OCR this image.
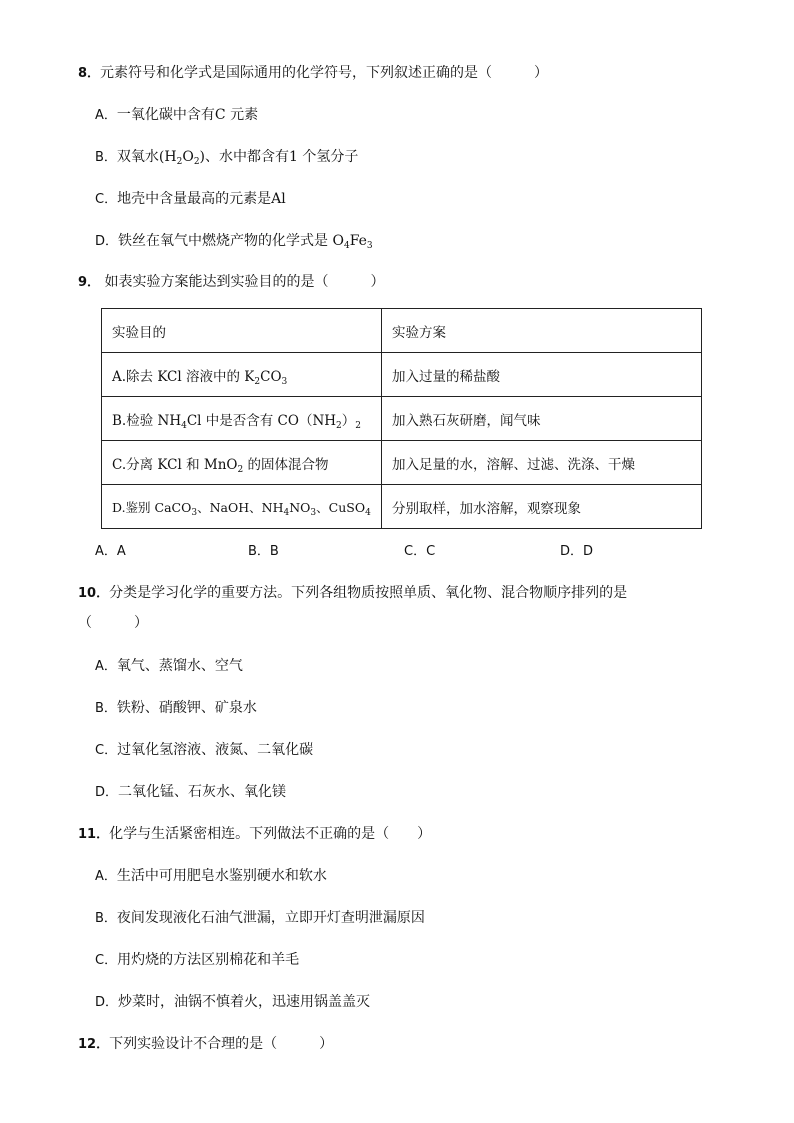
8．元素符号和化学式是国际通用的化学符号，下列叙述正确的是（　　　）
A．一氧化碳中含有C 元素
B．双氧水$(H_2O_2)$、水中都含有1 个氢分子
C．地壳中含量最高的元素是Al
D．铁丝在氧气中燃烧产物的化学式是 $O_4Fe_3$
9． 如表实验方案能达到实验目的的是（　　　）
实验目的	实验方案
A.除去 KCl 溶液中的 $K_2CO_3$	加入过量的稀盐酸
B.检验 $NH_4Cl$ 中是否含有 $CO(NH_2)_2$	加入熟石灰研磨，闻气味
C.分离 KCl 和 MnO$_2$ 的固体混合物	加入足量的水，溶解、过滤、洗涤、干燥
D.鉴别 CaCO$_3$、NaOH、$NH_4NO_3$、CuSO$_4$	分别取样，加水溶解，观察现象
A．A	B．B	C．C	D．D
10．分类是学习化学的重要方法。下列各组物质按照单质、氧化物、混合物顺序排列的是
（　　　）
A．氧气、蒸馏水、空气
B．铁粉、硝酸钾、矿泉水
C．过氧化氢溶液、液氮、二氧化碳
D．二氧化锰、石灰水、氧化镁
11．化学与生活紧密相连。下列做法不正确的是（　　）
A．生活中可用肥皂水鉴别硬水和软水
B．夜间发现液化石油气泄漏，立即开灯查明泄漏原因
C．用灼烧的方法区别棉花和羊毛
D．炒菜时，油锅不慎着火，迅速用锅盖盖灭
12．下列实验设计不合理的是（　　　）
